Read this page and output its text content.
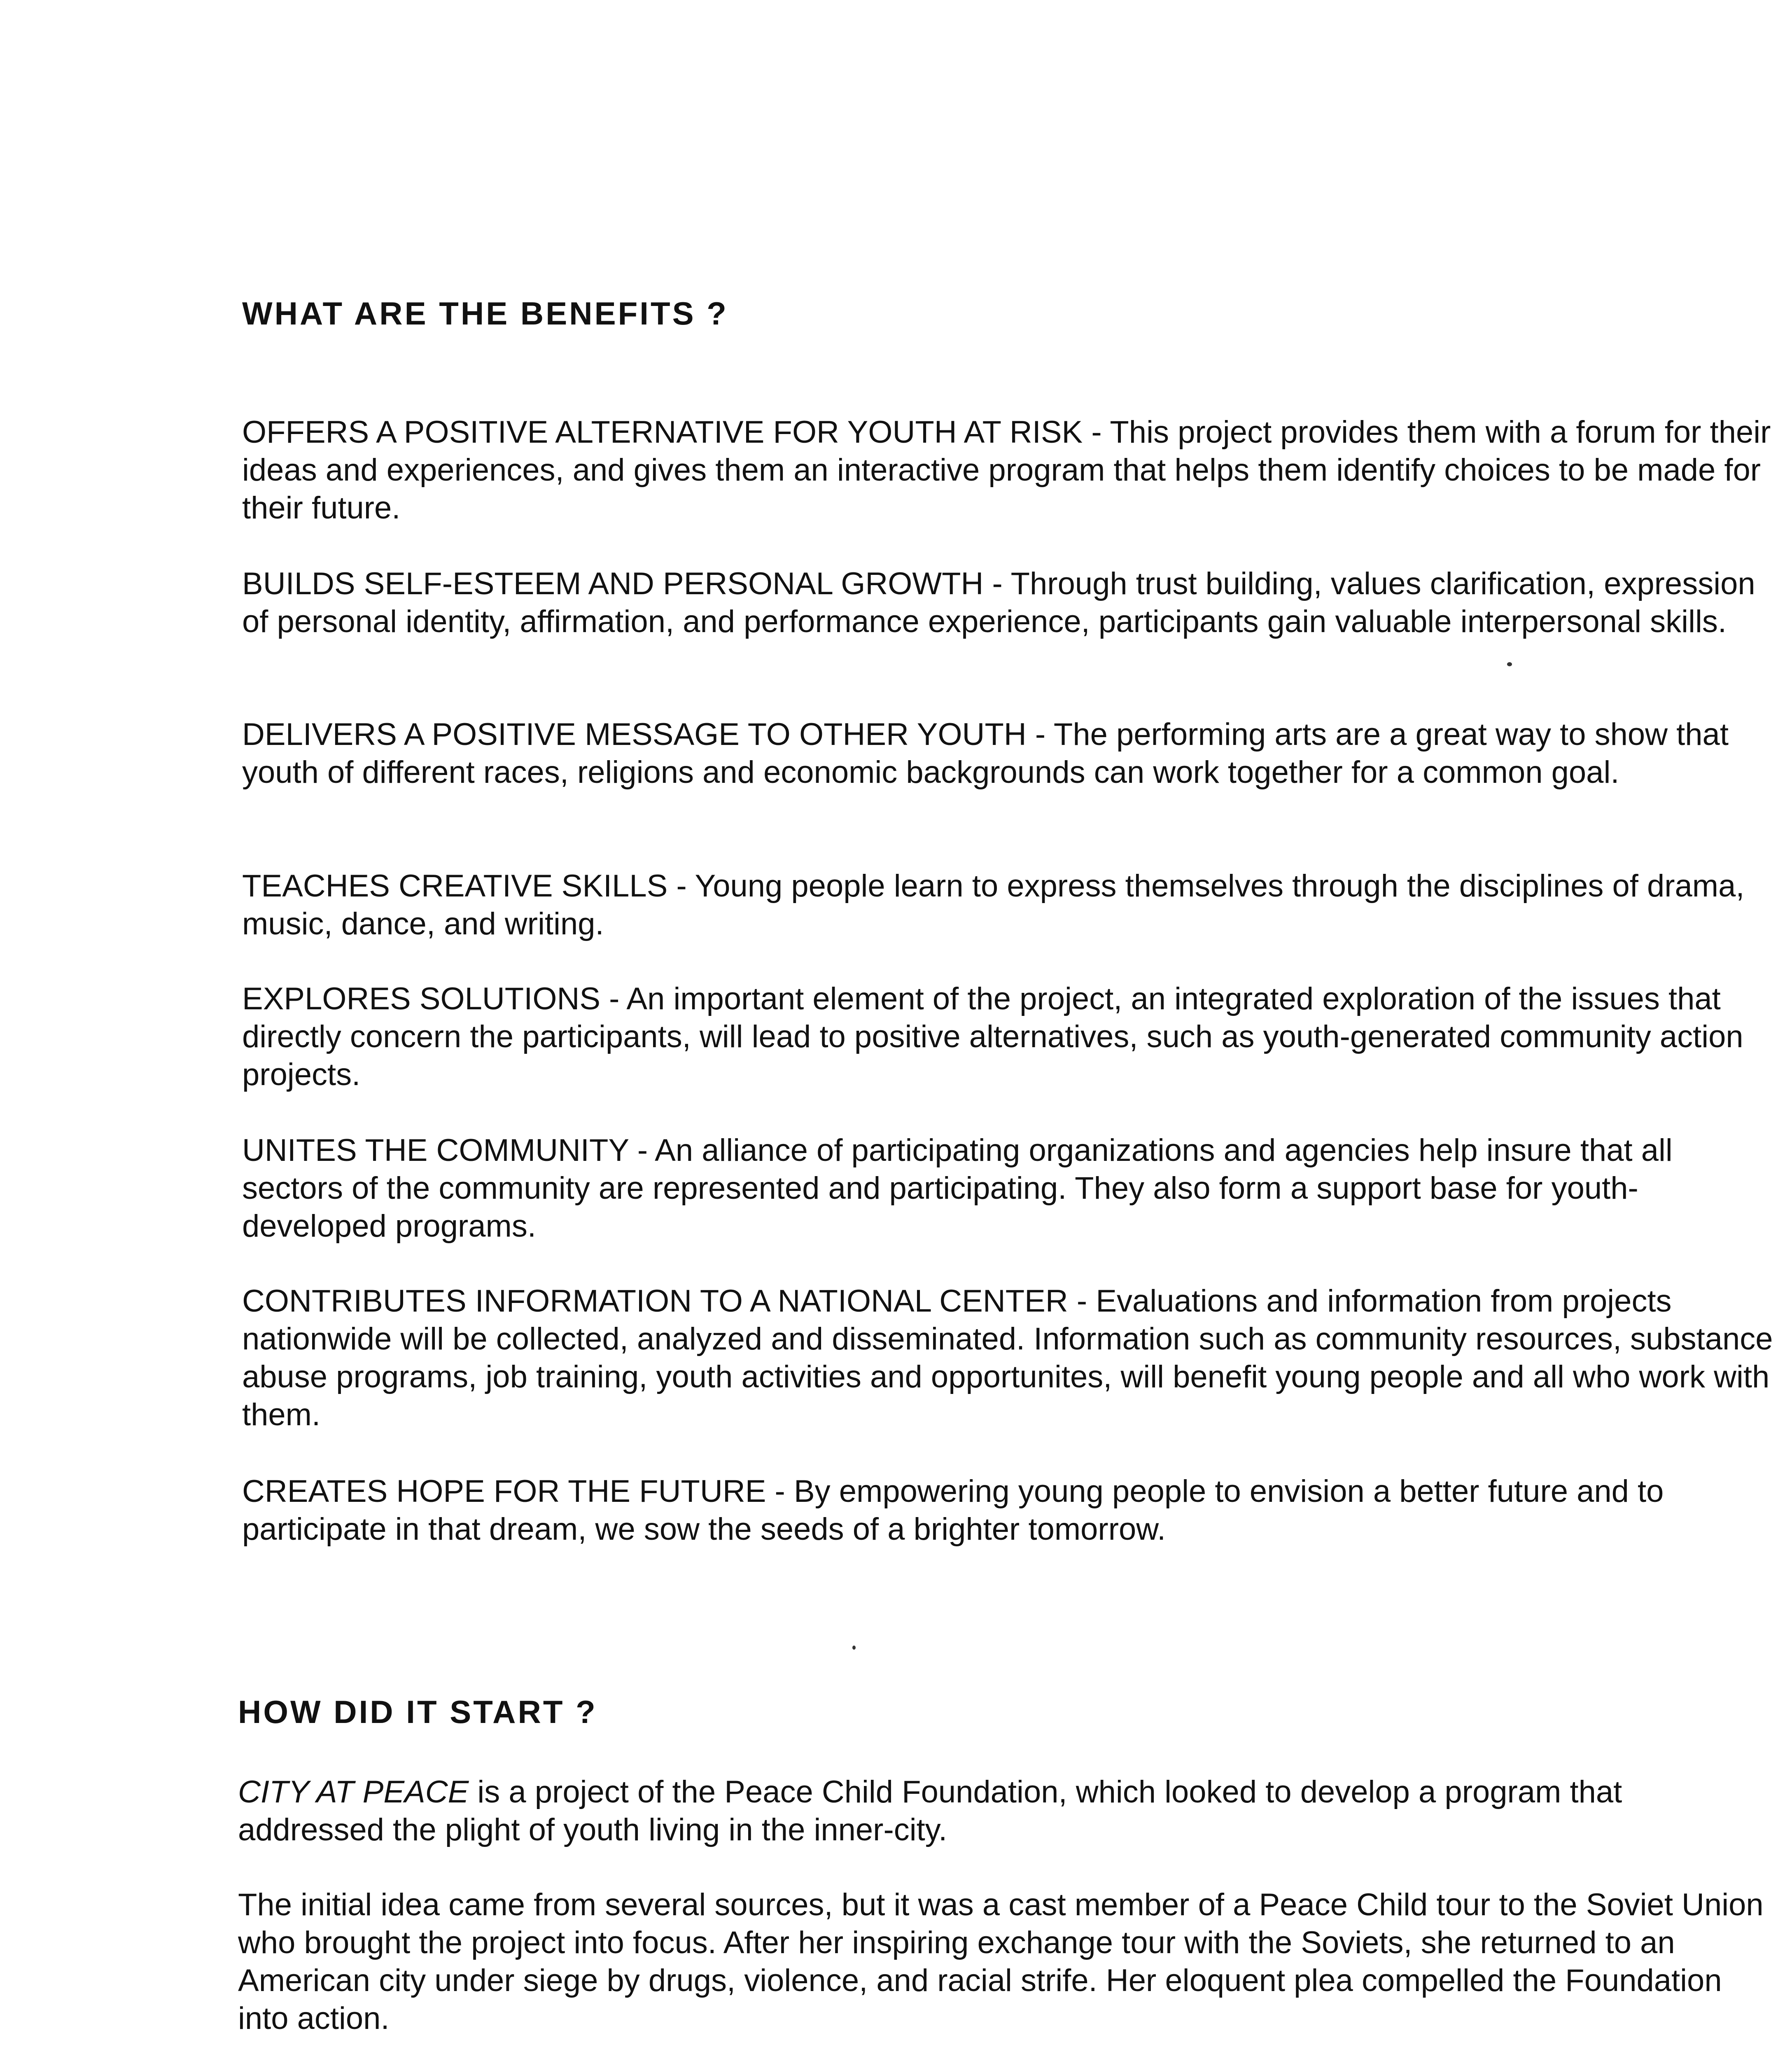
WHAT ARE THE BENEFITS ?

OFFERS A POSITIVE ALTERNATIVE FOR YOUTH AT RISK - This project provides them with a forum for their ideas and experiences, and gives them an interactive program that helps them identify choices to be made for their future.

BUILDS SELF-ESTEEM AND PERSONAL GROWTH - Through trust building, values clarification, expression of personal identity, affirmation, and performance experience, participants gain valuable interpersonal skills.

DELIVERS A POSITIVE MESSAGE TO OTHER YOUTH - The performing arts are a great way to show that youth of different races, religions and economic backgrounds can work together for a common goal.

TEACHES CREATIVE SKILLS - Young people learn to express themselves through the disciplines of drama, music, dance, and writing.

EXPLORES SOLUTIONS - An important element of the project, an integrated exploration of the issues that directly concern the participants, will lead to positive alternatives, such as youth-generated community action projects.

UNITES THE COMMUNITY - An alliance of participating organizations and agencies help insure that all sectors of the community are represented and participating. They also form a support base for youth-developed programs.

CONTRIBUTES INFORMATION TO A NATIONAL CENTER - Evaluations and information from projects nationwide will be collected, analyzed and disseminated. Information such as community resources, substance abuse programs, job training, youth activities and opportunites, will benefit young people and all who work with them.

CREATES HOPE FOR THE FUTURE - By empowering young people to envision a better future and to participate in that dream, we sow the seeds of a brighter tomorrow.

HOW DID IT START ?

CITY AT PEACE is a project of the Peace Child Foundation, which looked to develop a program that addressed the plight of youth living in the inner-city.

The initial idea came from several sources, but it was a cast member of a Peace Child tour to the Soviet Union who brought the project into focus. After her inspiring exchange tour with the Soviets, she returned to an American city under siege by drugs, violence, and racial strife. Her eloquent plea compelled the Foundation into action.
